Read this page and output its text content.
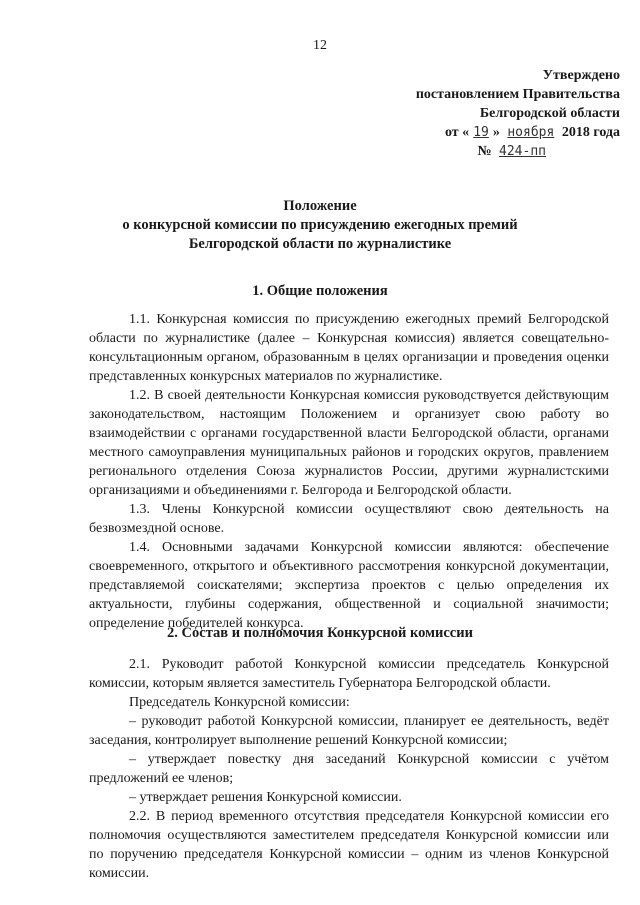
12
Утверждено
постановлением Правительства
Белгородской области
от « 19 » ноября 2018 года
№ 424-пп
Положение
о конкурсной комиссии по присуждению ежегодных премий
Белгородской области по журналистике
1. Общие положения

1.1. Конкурсная комиссия по присуждению ежегодных премий Белгородской области по журналистике (далее – Конкурсная комиссия) является совещательно-консультационным органом, образованным в целях организации и проведения оценки представленных конкурсных материалов по журналистике.

1.2. В своей деятельности Конкурсная комиссия руководствуется действующим законодательством, настоящим Положением и организует свою работу во взаимодействии с органами государственной власти Белгородской области, органами местного самоуправления муниципальных районов и городских округов, правлением регионального отделения Союза журналистов России, другими журналистскими организациями и объединениями г. Белгорода и Белгородской области.

1.3. Члены Конкурсной комиссии осуществляют свою деятельность на безвозмездной основе.

1.4. Основными задачами Конкурсной комиссии являются: обеспечение своевременного, открытого и объективного рассмотрения конкурсной документации, представляемой соискателями; экспертиза проектов с целью определения их актуальности, глубины содержания, общественной и социальной значимости; определение победителей конкурса.

2. Состав и полномочия Конкурсной комиссии

2.1. Руководит работой Конкурсной комиссии председатель Конкурсной комиссии, которым является заместитель Губернатора Белгородской области.

Председатель Конкурсной комиссии:

– руководит работой Конкурсной комиссии, планирует ее деятельность, ведёт заседания, контролирует выполнение решений Конкурсной комиссии;

– утверждает повестку дня заседаний Конкурсной комиссии с учётом предложений ее членов;

– утверждает решения Конкурсной комиссии.

2.2. В период временного отсутствия председателя Конкурсной комиссии его полномочия осуществляются заместителем председателя Конкурсной комиссии или по поручению председателя Конкурсной комиссии – одним из членов Конкурсной комиссии.
